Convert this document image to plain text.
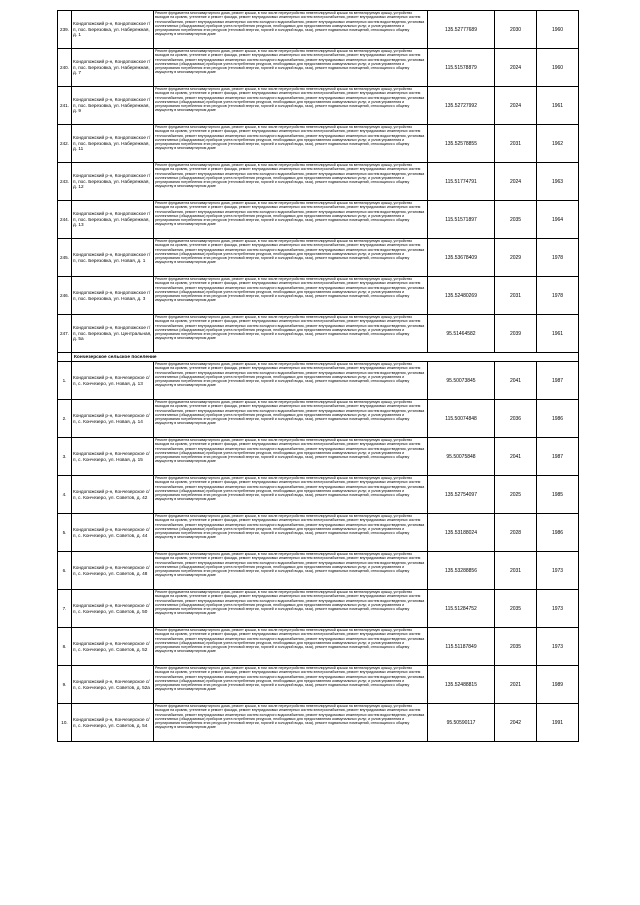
239.	Кондопожский р-н, Кондопожское г/п, пос. Березовка, ул. Набережная, д. 1	Ремонт фундамента многоквартирного дома, ремонт крыши, в том числе переустройство невентилируемой крыши на вентилируемую крышу, устройство выходов на кровлю, утепление и ремонт фасада, ремонт внутридомовых инженерных систем электроснабжения, ремонт внутридомовых инженерных систем теплоснабжения, ремонт внутридомовых инженерных систем холодного водоснабжения, ремонт внутридомовых инженерных систем водоотведения, установка коллективных (общедомовых) приборов учета потребления ресурсов, необходимых для предоставления коммунальных услуг, и узлов управления и регулирования потребления этих ресурсов (тепловой энергии, горячей и холодной воды, газа), ремонт подвальных помещений, относящихся к общему имуществу в многоквартирном доме	135.52777689	2030	1960
240.	Кондопожский р-н, Кондопожское г/п, пос. Березовка, ул. Набережная, д. 7	Ремонт фундамента многоквартирного дома, ремонт крыши, в том числе переустройство невентилируемой крыши на вентилируемую крышу, устройство выходов на кровлю, утепление и ремонт фасада, ремонт внутридомовых инженерных систем электроснабжения, ремонт внутридомовых инженерных систем теплоснабжения, ремонт внутридомовых инженерных систем холодного водоснабжения, ремонт внутридомовых инженерных систем водоотведения, установка коллективных (общедомовых) приборов учета потребления ресурсов, необходимых для предоставления коммунальных услуг, и узлов управления и регулирования потребления этих ресурсов (тепловой энергии, горячей и холодной воды, газа), ремонт подвальных помещений, относящихся к общему имуществу в многоквартирном доме	115.51578879	2024	1960
241.	Кондопожский р-н, Кондопожское г/п, пос. Березовка, ул. Набережная, д. 9	Ремонт фундамента многоквартирного дома, ремонт крыши, в том числе переустройство невентилируемой крыши на вентилируемую крышу, устройство выходов на кровлю, утепление и ремонт фасада, ремонт внутридомовых инженерных систем электроснабжения, ремонт внутридомовых инженерных систем теплоснабжения, ремонт внутридомовых инженерных систем холодного водоснабжения, ремонт внутридомовых инженерных систем водоотведения, установка коллективных (общедомовых) приборов учета потребления ресурсов, необходимых для предоставления коммунальных услуг, и узлов управления и регулирования потребления этих ресурсов (тепловой энергии, горячей и холодной воды, газа), ремонт подвальных помещений, относящихся к общему имуществу в многоквартирном доме	135.52727992	2024	1961
242.	Кондопожский р-н, Кондопожское г/п, пос. Березовка, ул. Набережная, д. 11	Ремонт фундамента многоквартирного дома, ремонт крыши, в том числе переустройство невентилируемой крыши на вентилируемую крышу, устройство выходов на кровлю, утепление и ремонт фасада, ремонт внутридомовых инженерных систем электроснабжения, ремонт внутридомовых инженерных систем теплоснабжения, ремонт внутридомовых инженерных систем холодного водоснабжения, ремонт внутридомовых инженерных систем водоотведения, установка коллективных (общедомовых) приборов учета потребления ресурсов, необходимых для предоставления коммунальных услуг, и узлов управления и регулирования потребления этих ресурсов (тепловой энергии, горячей и холодной воды, газа), ремонт подвальных помещений, относящихся к общему имуществу в многоквартирном доме	135.52578855	2031	1962
243.	Кондопожский р-н, Кондопожское г/п, пос. Березовка, ул. Набережная, д. 12	Ремонт фундамента многоквартирного дома, ремонт крыши, в том числе переустройство невентилируемой крыши на вентилируемую крышу, устройство выходов на кровлю, утепление и ремонт фасада, ремонт внутридомовых инженерных систем электроснабжения, ремонт внутридомовых инженерных систем теплоснабжения, ремонт внутридомовых инженерных систем холодного водоснабжения, ремонт внутридомовых инженерных систем водоотведения, установка коллективных (общедомовых) приборов учета потребления ресурсов, необходимых для предоставления коммунальных услуг, и узлов управления и регулирования потребления этих ресурсов (тепловой энергии, горячей и холодной воды, газа), ремонт подвальных помещений, относящихся к общему имуществу в многоквартирном доме	115.51774791	2024	1963
244.	Кондопожский р-н, Кондопожское г/п, пос. Березовка, ул. Набережная, д. 13	Ремонт фундамента многоквартирного дома, ремонт крыши, в том числе переустройство невентилируемой крыши на вентилируемую крышу, устройство выходов на кровлю, утепление и ремонт фасада, ремонт внутридомовых инженерных систем электроснабжения, ремонт внутридомовых инженерных систем теплоснабжения, ремонт внутридомовых инженерных систем холодного водоснабжения, ремонт внутридомовых инженерных систем водоотведения, установка коллективных (общедомовых) приборов учета потребления ресурсов, необходимых для предоставления коммунальных услуг, и узлов управления и регулирования потребления этих ресурсов (тепловой энергии, горячей и холодной воды, газа), ремонт подвальных помещений, относящихся к общему имуществу в многоквартирном доме	115.51571897	2035	1964
245.	Кондопожский р-н, Кондопожское г/п, пос. Березовка, ул. Новая, д. 1	Ремонт фундамента многоквартирного дома, ремонт крыши, в том числе переустройство невентилируемой крыши на вентилируемую крышу, устройство выходов на кровлю, утепление и ремонт фасада, ремонт внутридомовых инженерных систем электроснабжения, ремонт внутридомовых инженерных систем теплоснабжения, ремонт внутридомовых инженерных систем холодного водоснабжения, ремонт внутридомовых инженерных систем водоотведения, установка коллективных (общедомовых) приборов учета потребления ресурсов, необходимых для предоставления коммунальных услуг, и узлов управления и регулирования потребления этих ресурсов (тепловой энергии, горячей и холодной воды, газа), ремонт подвальных помещений, относящихся к общему имуществу в многоквартирном доме	135.53678409	2029	1978
246.	Кондопожский р-н, Кондопожское г/п, пос. Березовка, ул. Новая, д. 3	Ремонт фундамента многоквартирного дома, ремонт крыши, в том числе переустройство невентилируемой крыши на вентилируемую крышу, устройство выходов на кровлю, утепление и ремонт фасада, ремонт внутридомовых инженерных систем электроснабжения, ремонт внутридомовых инженерных систем теплоснабжения, ремонт внутридомовых инженерных систем холодного водоснабжения, ремонт внутридомовых инженерных систем водоотведения, установка коллективных (общедомовых) приборов учета потребления ресурсов, необходимых для предоставления коммунальных услуг, и узлов управления и регулирования потребления этих ресурсов (тепловой энергии, горячей и холодной воды, газа), ремонт подвальных помещений, относящихся к общему имуществу в многоквартирном доме	135.52480269	2031	1978
247.	Кондопожский р-н, Кондопожское г/п, пос. Березовка, ул. Центральная, д. 5а	Ремонт фундамента многоквартирного дома, ремонт крыши, в том числе переустройство невентилируемой крыши на вентилируемую крышу, устройство выходов на кровлю, утепление и ремонт фасада, ремонт внутридомовых инженерных систем электроснабжения, ремонт внутридомовых инженерных систем теплоснабжения, ремонт внутридомовых инженерных систем холодного водоснабжения, ремонт внутридомовых инженерных систем водоотведения, установка коллективных (общедомовых) приборов учета потребления ресурсов, необходимых для предоставления коммунальных услуг, и узлов управления и регулирования потребления этих ресурсов (тепловой энергии, горячей и холодной воды, газа), ремонт подвальных помещений, относящихся к общему имуществу в многоквартирном доме	95.51464582	2039	1961
	Кончезерское сельское поселение				
1.	Кондопожский р-н, Кончезерское с/п, с. Кончезеро, ул. Новая, д. 13	Ремонт фундамента многоквартирного дома, ремонт крыши, в том числе переустройство невентилируемой крыши на вентилируемую крышу, устройство выходов на кровлю, утепление и ремонт фасада, ремонт внутридомовых инженерных систем электроснабжения, ремонт внутридомовых инженерных систем теплоснабжения, ремонт внутридомовых инженерных систем холодного водоснабжения, ремонт внутридомовых инженерных систем водоотведения, установка коллективных (общедомовых) приборов учета потребления ресурсов, необходимых для предоставления коммунальных услуг, и узлов управления и регулирования потребления этих ресурсов (тепловой энергии, горячей и холодной воды, газа), ремонт подвальных помещений, относящихся к общему имуществу в многоквартирном доме	95.50073845	2041	1987
2.	Кондопожский р-н, Кончезерское с/п, с. Кончезеро, ул. Новая, д. 14	Ремонт фундамента многоквартирного дома, ремонт крыши, в том числе переустройство невентилируемой крыши на вентилируемую крышу, устройство выходов на кровлю, утепление и ремонт фасада, ремонт внутридомовых инженерных систем электроснабжения, ремонт внутридомовых инженерных систем теплоснабжения, ремонт внутридомовых инженерных систем холодного водоснабжения, ремонт внутридомовых инженерных систем водоотведения, установка коллективных (общедомовых) приборов учета потребления ресурсов, необходимых для предоставления коммунальных услуг, и узлов управления и регулирования потребления этих ресурсов (тепловой энергии, горячей и холодной воды, газа), ремонт подвальных помещений, относящихся к общему имуществу в многоквартирном доме	115.50074848	2036	1986
3.	Кондопожский р-н, Кончезерское с/п, с. Кончезеро, ул. Новая, д. 15	Ремонт фундамента многоквартирного дома, ремонт крыши, в том числе переустройство невентилируемой крыши на вентилируемую крышу, устройство выходов на кровлю, утепление и ремонт фасада, ремонт внутридомовых инженерных систем электроснабжения, ремонт внутридомовых инженерных систем теплоснабжения, ремонт внутридомовых инженерных систем холодного водоснабжения, ремонт внутридомовых инженерных систем водоотведения, установка коллективных (общедомовых) приборов учета потребления ресурсов, необходимых для предоставления коммунальных услуг, и узлов управления и регулирования потребления этих ресурсов (тепловой энергии, горячей и холодной воды, газа), ремонт подвальных помещений, относящихся к общему имуществу в многоквартирном доме	95.50075848	2041	1987
4.	Кондопожский р-н, Кончезерское с/п, с. Кончезеро, ул. Советов, д. 42	Ремонт фундамента многоквартирного дома, ремонт крыши, в том числе переустройство невентилируемой крыши на вентилируемую крышу, устройство выходов на кровлю, утепление и ремонт фасада, ремонт внутридомовых инженерных систем электроснабжения, ремонт внутридомовых инженерных систем теплоснабжения, ремонт внутридомовых инженерных систем холодного водоснабжения, ремонт внутридомовых инженерных систем водоотведения, установка коллективных (общедомовых) приборов учета потребления ресурсов, необходимых для предоставления коммунальных услуг, и узлов управления и регулирования потребления этих ресурсов (тепловой энергии, горячей и холодной воды, газа), ремонт подвальных помещений, относящихся к общему имуществу в многоквартирном доме	135.52754097	2025	1985
5.	Кондопожский р-н, Кончезерское с/п, с. Кончезеро, ул. Советов, д. 44	Ремонт фундамента многоквартирного дома, ремонт крыши, в том числе переустройство невентилируемой крыши на вентилируемую крышу, устройство выходов на кровлю, утепление и ремонт фасада, ремонт внутридомовых инженерных систем электроснабжения, ремонт внутридомовых инженерных систем теплоснабжения, ремонт внутридомовых инженерных систем холодного водоснабжения, ремонт внутридомовых инженерных систем водоотведения, установка коллективных (общедомовых) приборов учета потребления ресурсов, необходимых для предоставления коммунальных услуг, и узлов управления и регулирования потребления этих ресурсов (тепловой энергии, горячей и холодной воды, газа), ремонт подвальных помещений, относящихся к общему имуществу в многоквартирном доме	135.53188024	2028	1986
6.	Кондопожский р-н, Кончезерское с/п, с. Кончезеро, ул. Советов, д. 48	Ремонт фундамента многоквартирного дома, ремонт крыши, в том числе переустройство невентилируемой крыши на вентилируемую крышу, устройство выходов на кровлю, утепление и ремонт фасада, ремонт внутридомовых инженерных систем электроснабжения, ремонт внутридомовых инженерных систем теплоснабжения, ремонт внутридомовых инженерных систем холодного водоснабжения, ремонт внутридомовых инженерных систем водоотведения, установка коллективных (общедомовых) приборов учета потребления ресурсов, необходимых для предоставления коммунальных услуг, и узлов управления и регулирования потребления этих ресурсов (тепловой энергии, горячей и холодной воды, газа), ремонт подвальных помещений, относящихся к общему имуществу в многоквартирном доме	135.53288856	2031	1973
7.	Кондопожский р-н, Кончезерское с/п, с. Кончезеро, ул. Советов, д. 50	Ремонт фундамента многоквартирного дома, ремонт крыши, в том числе переустройство невентилируемой крыши на вентилируемую крышу, устройство выходов на кровлю, утепление и ремонт фасада, ремонт внутридомовых инженерных систем электроснабжения, ремонт внутридомовых инженерных систем теплоснабжения, ремонт внутридомовых инженерных систем холодного водоснабжения, ремонт внутридомовых инженерных систем водоотведения, установка коллективных (общедомовых) приборов учета потребления ресурсов, необходимых для предоставления коммунальных услуг, и узлов управления и регулирования потребления этих ресурсов (тепловой энергии, горячей и холодной воды, газа), ремонт подвальных помещений, относящихся к общему имуществу в многоквартирном доме	115.51284752	2035	1973
8.	Кондопожский р-н, Кончезерское с/п, с. Кончезеро, ул. Советов, д. 52	Ремонт фундамента многоквартирного дома, ремонт крыши, в том числе переустройство невентилируемой крыши на вентилируемую крышу, устройство выходов на кровлю, утепление и ремонт фасада, ремонт внутридомовых инженерных систем электроснабжения, ремонт внутридомовых инженерных систем теплоснабжения, ремонт внутридомовых инженерных систем холодного водоснабжения, ремонт внутридомовых инженерных систем водоотведения, установка коллективных (общедомовых) приборов учета потребления ресурсов, необходимых для предоставления коммунальных услуг, и узлов управления и регулирования потребления этих ресурсов (тепловой энергии, горячей и холодной воды, газа), ремонт подвальных помещений, относящихся к общему имуществу в многоквартирном доме	115.51187849	2035	1973
9.	Кондопожский р-н, Кончезерское с/п, с. Кончезеро, ул. Советов, д. 52а	Ремонт фундамента многоквартирного дома, ремонт крыши, в том числе переустройство невентилируемой крыши на вентилируемую крышу, устройство выходов на кровлю, утепление и ремонт фасада, ремонт внутридомовых инженерных систем электроснабжения, ремонт внутридомовых инженерных систем теплоснабжения, ремонт внутридомовых инженерных систем холодного водоснабжения, ремонт внутридомовых инженерных систем водоотведения, установка коллективных (общедомовых) приборов учета потребления ресурсов, необходимых для предоставления коммунальных услуг, и узлов управления и регулирования потребления этих ресурсов (тепловой энергии, горячей и холодной воды, газа), ремонт подвальных помещений, относящихся к общему имуществу в многоквартирном доме	135.52488815	2021	1989
10.	Кондопожский р-н, Кончезерское с/п, с. Кончезеро, ул. Советов, д. 54	Ремонт фундамента многоквартирного дома, ремонт крыши, в том числе переустройство невентилируемой крыши на вентилируемую крышу, устройство выходов на кровлю, утепление и ремонт фасада, ремонт внутридомовых инженерных систем электроснабжения, ремонт внутридомовых инженерных систем теплоснабжения, ремонт внутридомовых инженерных систем холодного водоснабжения, ремонт внутридомовых инженерных систем водоотведения, установка коллективных (общедомовых) приборов учета потребления ресурсов, необходимых для предоставления коммунальных услуг, и узлов управления и регулирования потребления этих ресурсов (тепловой энергии, горячей и холодной воды, газа), ремонт подвальных помещений, относящихся к общему имуществу в многоквартирном доме	95.50590117	2042	1991
